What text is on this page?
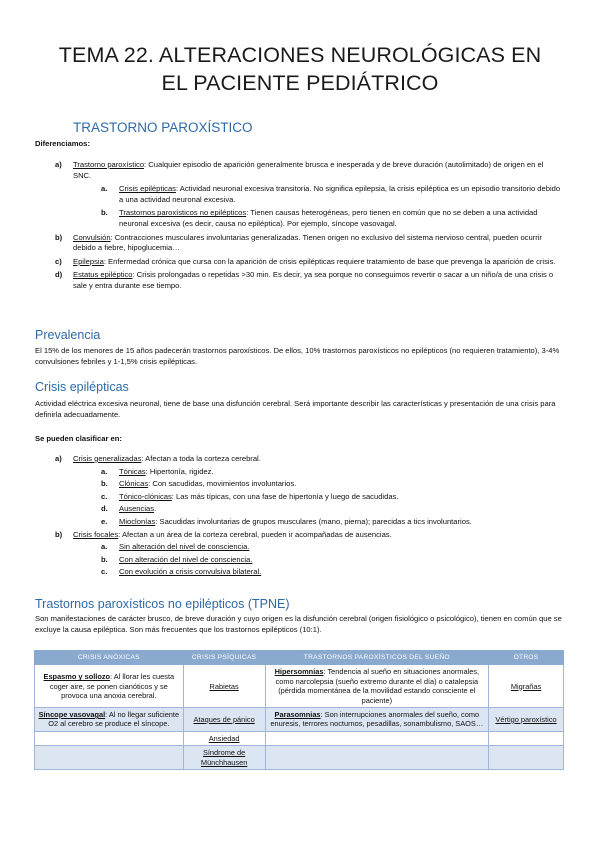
TEMA 22. ALTERACIONES NEUROLÓGICAS EN
EL PACIENTE PEDIÁTRICO
TRASTORNO PAROXÍSTICO

Diferenciamos:

a) Trastorno paroxístico: Cualquier episodio de aparición generalmente brusca e inesperada y de breve duración (autolimitado) de origen en el SNC.
a. Crisis epilépticas: Actividad neuronal excesiva transitoria. No significa epilepsia, la crisis epiléptica es un episodio transitorio debido a una actividad neuronal excesiva.
b. Trastornos paroxísticos no epilépticos: Tienen causas heterogéneas, pero tienen en común que no se deben a una actividad neuronal excesiva (es decir, causa no epiléptica). Por ejemplo, síncope vasovagal.
b) Convulsión: Contracciones musculares involuntarias generalizadas. Tienen origen no exclusivo del sistema nervioso central, pueden ocurrir debido a fiebre, hipoglucemia…
c) Epilepsia: Enfermedad crónica que cursa con la aparición de crisis epilépticas requiere tratamiento de base que prevenga la aparición de crisis.
d) Estatus epiléptico: Crisis prolongadas o repetidas >30 min. Es decir, ya sea porque no conseguimos revertir o sacar a un niño/a de una crisis o sale y entra durante ese tiempo.
Prevalencia

El 15% de los menores de 15 años padecerán trastornos paroxísticos. De ellos, 10% trastornos paroxísticos no epilépticos (no requieren tratamiento), 3-4% convulsiones febriles y 1-1,5% crisis epilépticas.

Crisis epilépticas

Actividad eléctrica excesiva neuronal, tiene de base una disfunción cerebral. Será importante describir las características y presentación de una crisis para definirla adecuadamente.

Se pueden clasificar en:

a) Crisis generalizadas: Afectan a toda la corteza cerebral.
a. Tónicas: Hipertonía, rigidez.
b. Clónicas: Con sacudidas, movimientos involuntarios.
c. Tónico-clónicas: Las más típicas, con una fase de hipertonía y luego de sacudidas.
d. Ausencias.
e. Mioclonías: Sacudidas involuntarias de grupos musculares (mano, pierna); parecidas a tics involuntarios.
b) Crisis focales: Afectan a un área de la corteza cerebral, pueden ir acompañadas de ausencias.
a. Sin alteración del nivel de consciencia.
b. Con alteración del nivel de consciencia.
c. Con evolución a crisis convulsiva bilateral.
Trastornos paroxísticos no epilépticos (TPNE)

Son manifestaciones de carácter brusco, de breve duración y cuyo origen es la disfunción cerebral (origen fisiológico o psicológico), tienen en común que se excluye la causa epiléptica. Son más frecuentes que los trastornos epilépticos (10:1).

CRISIS ANÓXICAS	CRISIS PSÍQUICAS	TRASTORNOS PAROXÍSTICOS DEL SUEÑO	OTROS
Espasmo y sollozo: Al llorar les cuesta coger aire, se ponen cianóticos y se provoca una anoxia cerebral.	Rabietas	Hipersomnias: Tendencia al sueño en situaciones anormales, como narcolepsia (sueño extremo durante el día) o catalepsia (pérdida momentánea de la movilidad estando consciente el paciente)	Migrañas
Síncope vasovagal: Al no llegar suficiente O2 al cerebro se produce el síncope.	Ataques de pánico	Parasomnias: Son interrupciones anormales del sueño, como enuresis, terrores nocturnos, pesadillas, sonambulismo, SAOS…	Vértigo paroxístico
	Ansiedad		
	Síndrome de Münchhausen		
